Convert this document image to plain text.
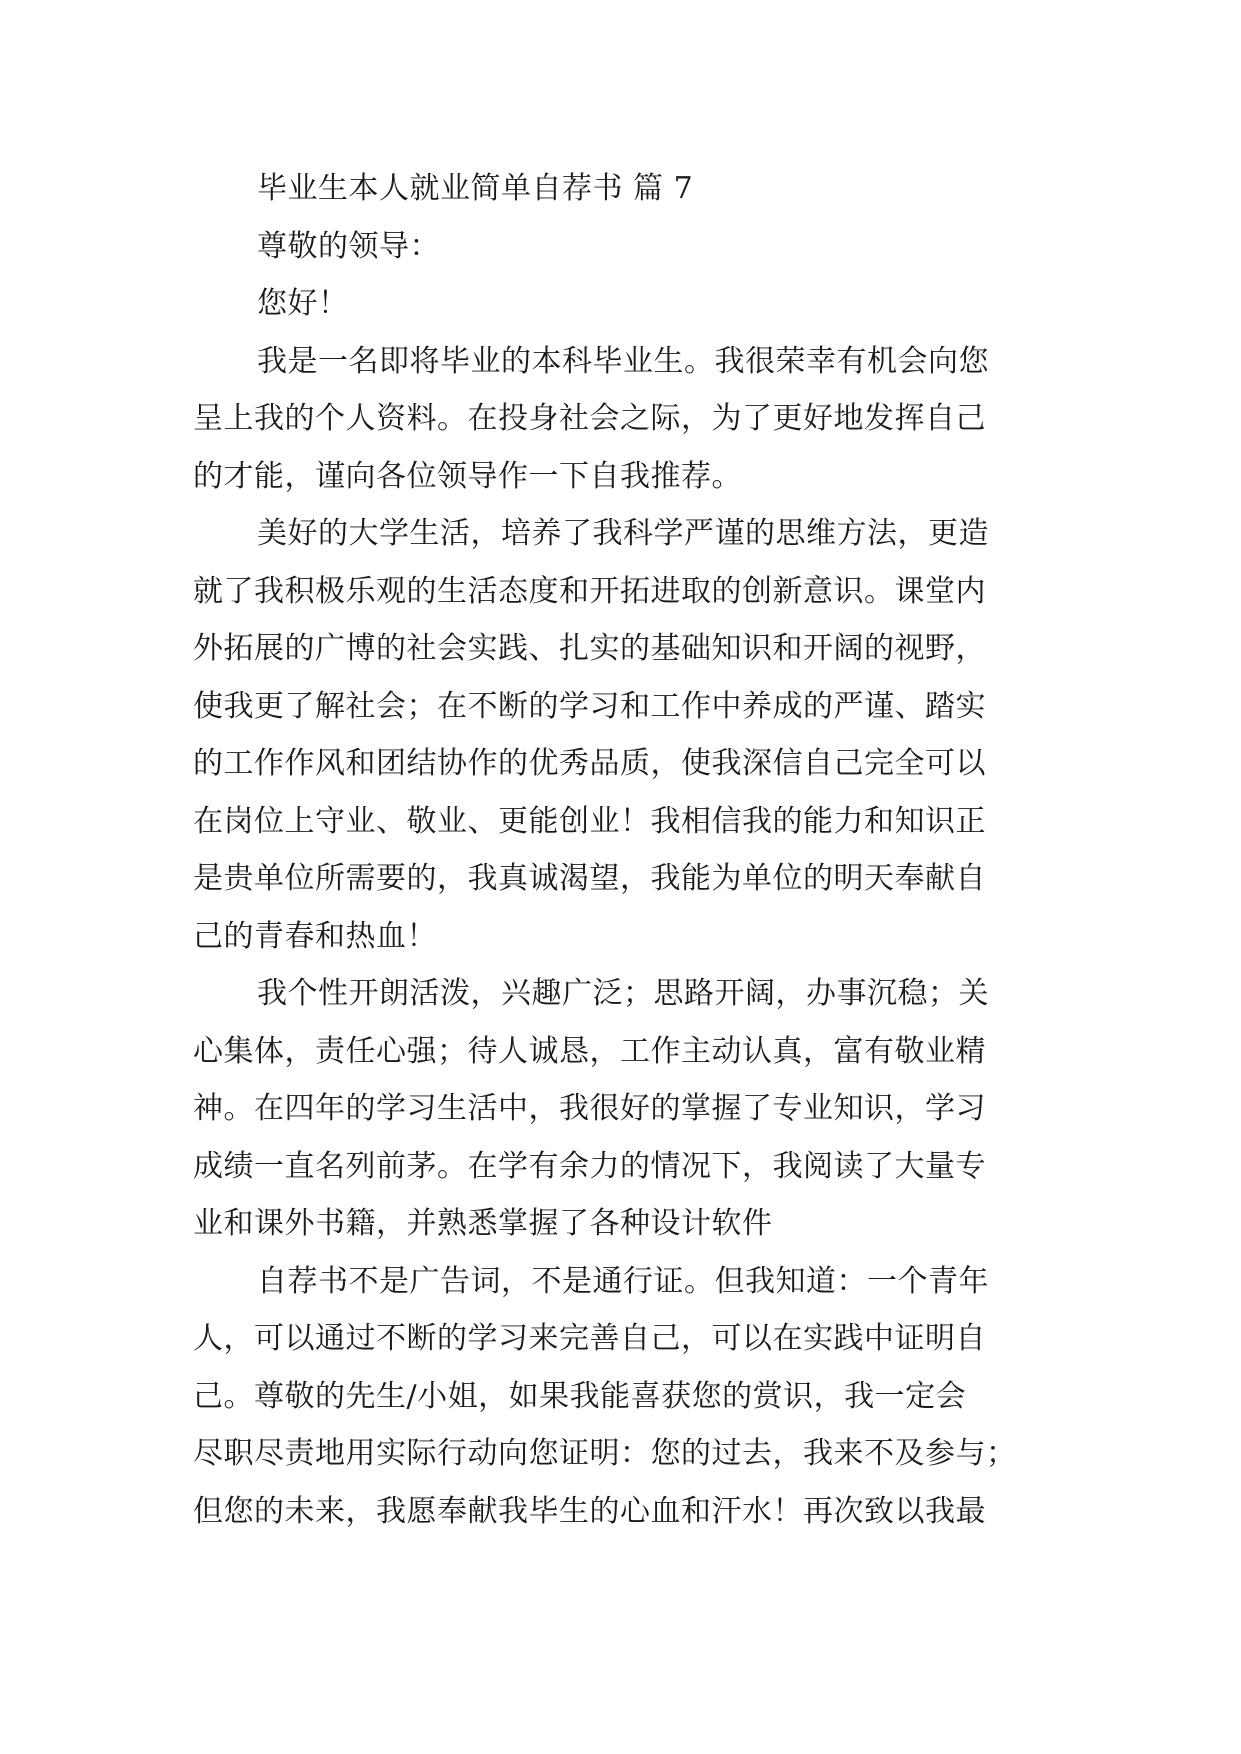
毕业生本人就业简单自荐书 篇 7
尊敬的领导：
您好！
我是一名即将毕业的本科毕业生。我很荣幸有机会向您
呈上我的个人资料。在投身社会之际，为了更好地发挥自己
的才能，谨向各位领导作一下自我推荐。
美好的大学生活，培养了我科学严谨的思维方法，更造
就了我积极乐观的生活态度和开拓进取的创新意识。课堂内
外拓展的广博的社会实践、扎实的基础知识和开阔的视野，
使我更了解社会；在不断的学习和工作中养成的严谨、踏实
的工作作风和团结协作的优秀品质，使我深信自己完全可以
在岗位上守业、敬业、更能创业！我相信我的能力和知识正
是贵单位所需要的，我真诚渴望，我能为单位的明天奉献自
己的青春和热血！
我个性开朗活泼，兴趣广泛；思路开阔，办事沉稳；关
心集体，责任心强；待人诚恳，工作主动认真，富有敬业精
神。在四年的学习生活中，我很好的掌握了专业知识，学习
成绩一直名列前茅。在学有余力的情况下，我阅读了大量专
业和课外书籍，并熟悉掌握了各种设计软件
自荐书不是广告词，不是通行证。但我知道：一个青年
人，可以通过不断的学习来完善自己，可以在实践中证明自
己。尊敬的先生/小姐，如果我能喜获您的赏识，我一定会
尽职尽责地用实际行动向您证明：您的过去，我来不及参与；
但您的未来，我愿奉献我毕生的心血和汗水！再次致以我最
